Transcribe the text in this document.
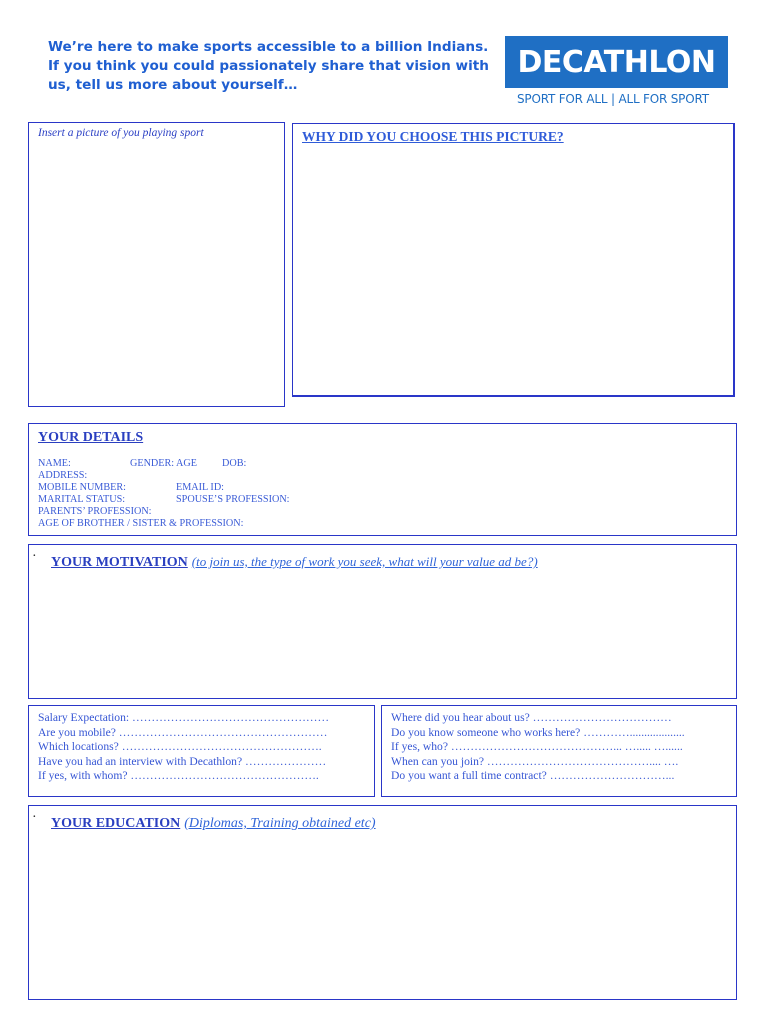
We’re here to make sports accessible to a billion Indians.
If you think you could passionately share that vision with
us, tell us more about yourself…
DECATHLON
SPORT FOR ALL | ALL FOR SPORT
Insert a picture of you playing sport	WHY DID YOU CHOOSE THIS PICTURE?
YOUR DETAILS
NAME:	GENDER: AGE DOB:
ADDRESS:
MOBILE NUMBER:	EMAIL ID:
MARITAL STATUS:	SPOUSE’S PROFESSION:
PARENTS’ PROFESSION:
AGE OF BROTHER / SISTER & PROFESSION:
· YOUR MOTIVATION (to join us, the type of work you seek, what will your value ad be?)
Salary Expectation: ……………………………………………
Are you mobile? ………………………………………………
Which locations? …………………………………………….
Have you had an interview with Decathlon? …………………
If yes, with whom? ………………………………………….
Where did you hear about us? ………………………………
Do you know someone who works here? …………...................
If yes, who? ……………………………………... …..... …......
When can you join? …………………………………….... ….
Do you want a full time contract? …………………………...
· YOUR EDUCATION (Diplomas, Training obtained etc)
